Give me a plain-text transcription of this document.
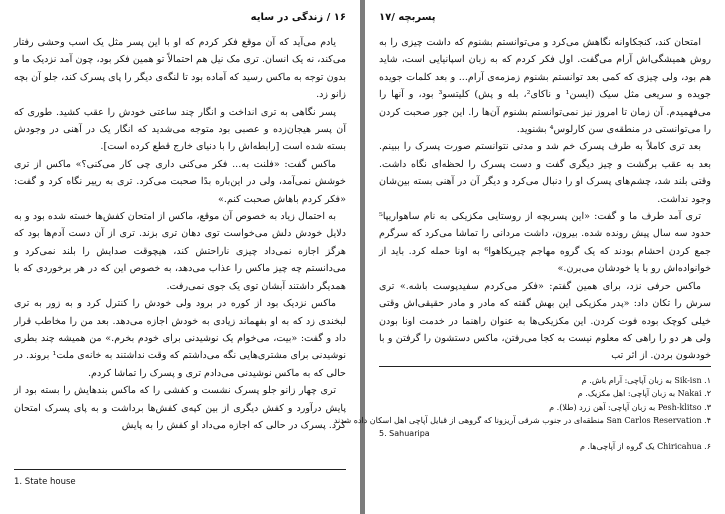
۱۶ / زندگی در سایه

یادم می‌آید که آن موقع فکر کردم که او با این پسر مثل یک اسب وحشی رفتار می‌کند، نه یک انسان. تری مک نیل هم احتمالاً تو همین فکر بود، چون آمد نزدیک ما و بدون توجه به ماکس رسید که آماده بود تا لنگه‌ی دیگر را پای پسرک کند، جلو آن بچه زانو زد.

پسر نگاهی به تری انداخت و انگار چند ساعتی خودش را عقب کشید. طوری که آن پسر هیجان‌زده و عصبی بود متوجه می‌شدید که انگار یک در آهنی در وجودش بسته شده است [رابطه‌اش را با دنیای خارج قطع کرده است].

ماکس گفت: «فلنت به... فکر می‌کنی داری چی کار می‌کنی؟» ماکس از تری خوشش نمی‌آمد، ولی در این‌باره بدًا صحبت می‌کرد. تری به رییر نگاه کرد و گفت: «فکر کردم باهاش صحبت کنم.»

به احتمال زیاد به خصوص آن موقع، ماکس از امتحان کفش‌ها خسته شده بود و به دلایل خودش دلش می‌خواست توی دهان تری بزند. تری از آن دست آدم‌ها بود که هرگز اجازه نمی‌داد چیزی ناراحتش کند، هیچوقت صدایش را بلند نمی‌کرد و می‌دانستم چه چیز ماکس را عذاب می‌دهد، به خصوص این که در هر برخوردی که با همدیگر داشتند آبشان توی یک جوی نمی‌رفت.

ماکس نزدیک بود از کوره در برود ولی خودش را کنترل کرد و به زور به تری لبخندی زد که به او بفهماند زیادی به خودش اجازه می‌دهد. بعد من را مخاطب قرار داد و گفت: «بیت، می‌خوام یک نوشیدنی برای خودم بخرم.» من همیشه چند بطری نوشیدنی برای مشتری‌هایی نگه می‌داشتم که وقت نداشتند به خانه‌ی ملت¹ بروند. در حالی که به ماکس نوشیدنی می‌دادم تری و پسرک را تماشا کردم.

تری چهار زانو جلو پسرک نشست و کفشی را که ماکس بندهایش را بسته بود از پایش درآورد و کفش دیگری از بین کپه‌ی کفش‌ها برداشت و به پای پسرک امتحان کرد. پسرک در حالی که اجازه می‌داد او کفش را به پایش

1. State house
پسربچه /۱۷

امتحان کند، کنجکاوانه نگاهش می‌کرد و می‌توانستم بشنوم که داشت چیزی را به روش همیشگی‌اش آرام می‌گفت. اول فکر کردم که به زبان اسپانیایی است، شاید هم بود، ولی چیزی که کمی بعد توانستم بشنوم زمزمه‌ی آرام... و بعد کلمات جویده جویده و سریعی مثل سیک (ایسن¹ و ناکای²، بله و پش) کلیتسو³ بود، و آنها را می‌فهمیدم. آن زمان تا امروز نیز نمی‌توانستم بشنوم آن‌ها را. این جور صحبت کردن را می‌توانستی در منطقه‌ی سن کارلوس⁴ بشنوید.

بعد تری کاملاً به طرف پسرک خم شد و مدتی نتوانستم صورت پسرک را ببینم. بعد به عقب برگشت و چیز دیگری گفت و دست پسرک را لحظه‌ای نگاه داشت. وقتی بلند شد، چشم‌های پسرک او را دنبال می‌کرد و دیگر آن در آهنی بسته بین‌شان وجود نداشت.

تری آمد طرف ما و گفت: «این پسربچه از روستایی مکزیکی به نام ساهواریپا⁵ حدود سه سال پیش رونده شده. بیرون، داشت مردانی را تماشا می‌کرد که سرگرم جمع کردن احشام بودند که یک گروه مهاجم چیریکاهوا⁶ به اونا حمله کرد. باید از خوانواده‌اش رو با یا خودشان می‌برن.»

ماکس حرفی نزد، برای همین گفتم: «فکر می‌کردم سفیدپوست باشه.» تری سرش را تکان داد: «پدر مکزیکی این بهش گفته که مادر و مادر حقیقی‌اش وقتی خیلی کوچک بوده فوت کردن. این مکزیکی‌ها به عنوان راهنما در خدمت اونا بودن ولی هر دو را راهی که معلوم نیست به کجا می‌رفتن، ماکس دستشون را گرفتن و با خودشون بردن. از اثر تب

۱. Sik-isn به زبان آپاچی: آرام باش. م
۲. Nakai به زبان آپاچی: اهل مکزیک. م
۳. Pesh-klitso به زبان آپاچی: آهن زرد (طلا). م
۴. San Carlos Reservation منطقه‌ای در جنوب شرقی آریزونا که گروهی از قبایل آپاچی اهل اسکان داده شدند
5. Sahuaripa
۶. Chiricahua یک گروه از آپاچی‌ها. م
